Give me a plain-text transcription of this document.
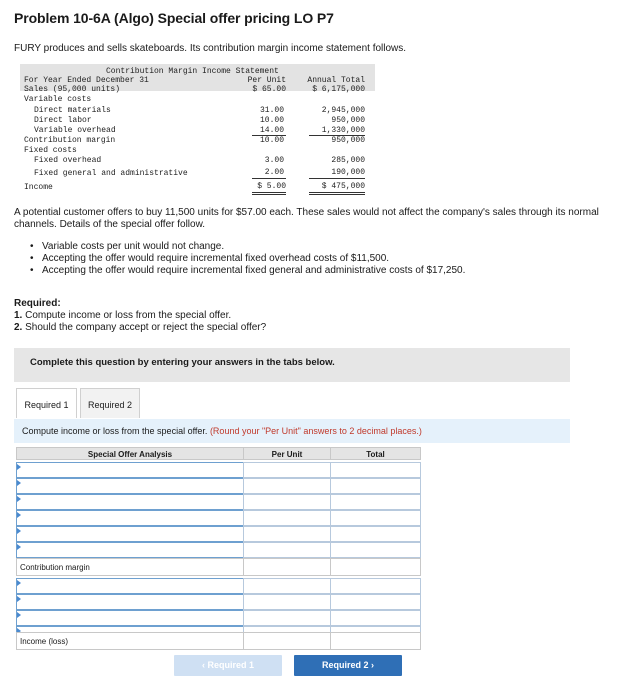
Problem 10-6A (Algo) Special offer pricing LO P7
FURY produces and sells skateboards. Its contribution margin income statement follows.
Contribution Margin Income Statement
For Year Ended December 31	Per Unit	Annual Total
Sales (95,000 units)	$ 65.00	$ 6,175,000
Variable costs
Direct materials	31.00	2,945,000
Direct labor	10.00	950,000
Variable overhead	14.00	1,330,000
Contribution margin	10.00	950,000
Fixed costs
Fixed overhead	3.00	285,000
Fixed general and administrative	2.00	190,000
Income	$ 5.00	$ 475,000
A potential customer offers to buy 11,500 units for $57.00 each. These sales would not affect the company's sales through its normal channels. Details of the special offer follow.
• Variable costs per unit would not change.
• Accepting the offer would require incremental fixed overhead costs of $11,500.
• Accepting the offer would require incremental fixed general and administrative costs of $17,250.
Required:
1. Compute income or loss from the special offer.
2. Should the company accept or reject the special offer?
Complete this question by entering your answers in the tabs below.
Required 1	Required 2
Compute income or loss from the special offer. (Round your "Per Unit" answers to 2 decimal places.)
Special Offer Analysis	Per Unit	Total
Contribution margin
Income (loss)
‹ Required 1	Required 2 ›
